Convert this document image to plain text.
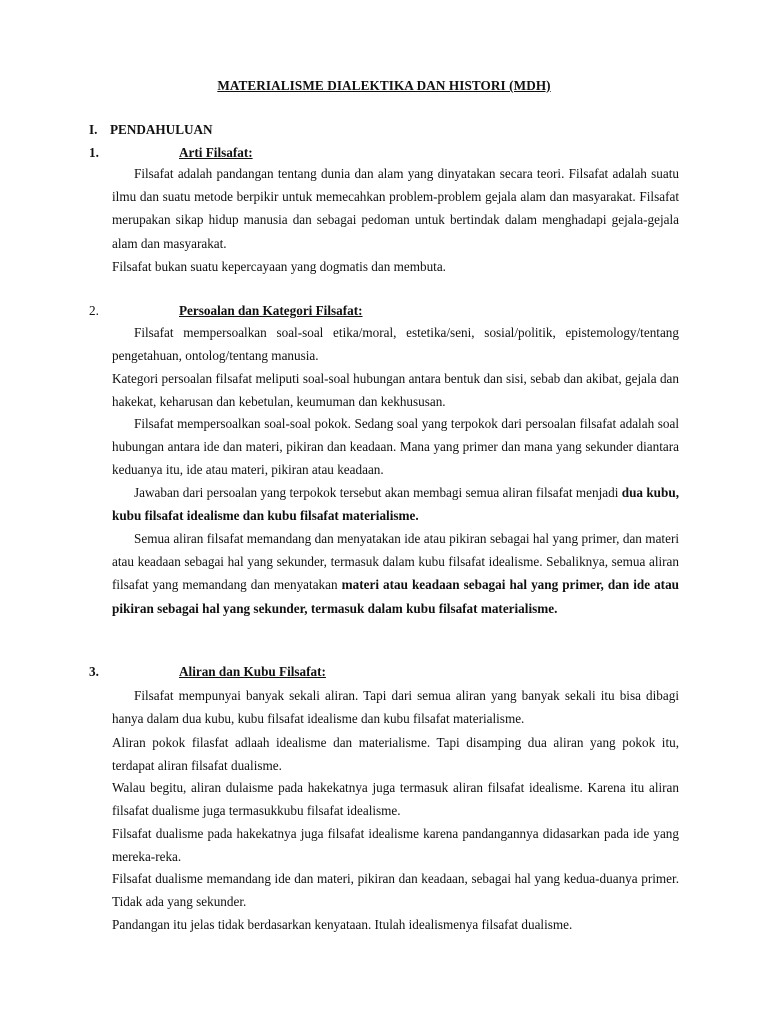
MATERIALISME DIALEKTIKA DAN HISTORI (MDH)
I. PENDAHULUAN
1.	Arti Filsafat:
Filsafat adalah pandangan tentang dunia dan alam yang dinyatakan secara teori. Filsafat adalah suatu ilmu dan suatu metode berpikir untuk memecahkan problem-problem gejala alam dan masyarakat. Filsafat merupakan sikap hidup manusia dan sebagai pedoman untuk bertindak dalam menghadapi gejala-gejala alam dan masyarakat.
Filsafat bukan suatu kepercayaan yang dogmatis dan membuta.
2.	Persoalan dan Kategori Filsafat:
Filsafat mempersoalkan soal-soal etika/moral, estetika/seni, sosial/politik, epistemology/tentang pengetahuan, ontolog/tentang manusia.
Kategori persoalan filsafat meliputi soal-soal hubungan antara bentuk dan sisi, sebab dan akibat, gejala dan hakekat, keharusan dan kebetulan, keumuman dan kekhususan.
Filsafat mempersoalkan soal-soal pokok. Sedang soal yang terpokok dari persoalan filsafat adalah soal hubungan antara ide dan materi, pikiran dan keadaan. Mana yang primer dan mana yang sekunder diantara keduanya itu, ide atau materi, pikiran atau keadaan.
Jawaban dari persoalan yang terpokok tersebut akan membagi semua aliran filsafat menjadi dua kubu, kubu filsafat idealisme dan kubu filsafat materialisme.
Semua aliran filsafat memandang dan menyatakan ide atau pikiran sebagai hal yang primer, dan materi atau keadaan sebagai hal yang sekunder, termasuk dalam kubu filsafat idealisme. Sebaliknya, semua aliran filsafat yang memandang dan menyatakan materi atau keadaan sebagai hal yang primer, dan ide atau pikiran sebagai hal yang sekunder, termasuk dalam kubu filsafat materialisme.
3.	Aliran dan Kubu Filsafat:
Filsafat mempunyai banyak sekali aliran. Tapi dari semua aliran yang banyak sekali itu bisa dibagi hanya dalam dua kubu, kubu filsafat idealisme dan kubu filsafat materialisme.
Aliran pokok filasfat adlaah idealisme dan materialisme. Tapi disamping dua aliran yang pokok itu, terdapat aliran filsafat dualisme.
Walau begitu, aliran dulaisme pada hakekatnya juga termasuk aliran filsafat idealisme. Karena itu aliran filsafat dualisme juga termasukkubu filsafat idealisme.
Filsafat dualisme pada hakekatnya juga filsafat idealisme karena pandangannya didasarkan pada ide yang mereka-reka.
Filsafat dualisme memandang ide dan materi, pikiran dan keadaan, sebagai hal yang kedua-duanya primer. Tidak ada yang sekunder.
Pandangan itu jelas tidak berdasarkan kenyataan. Itulah idealismenya filsafat dualisme.
